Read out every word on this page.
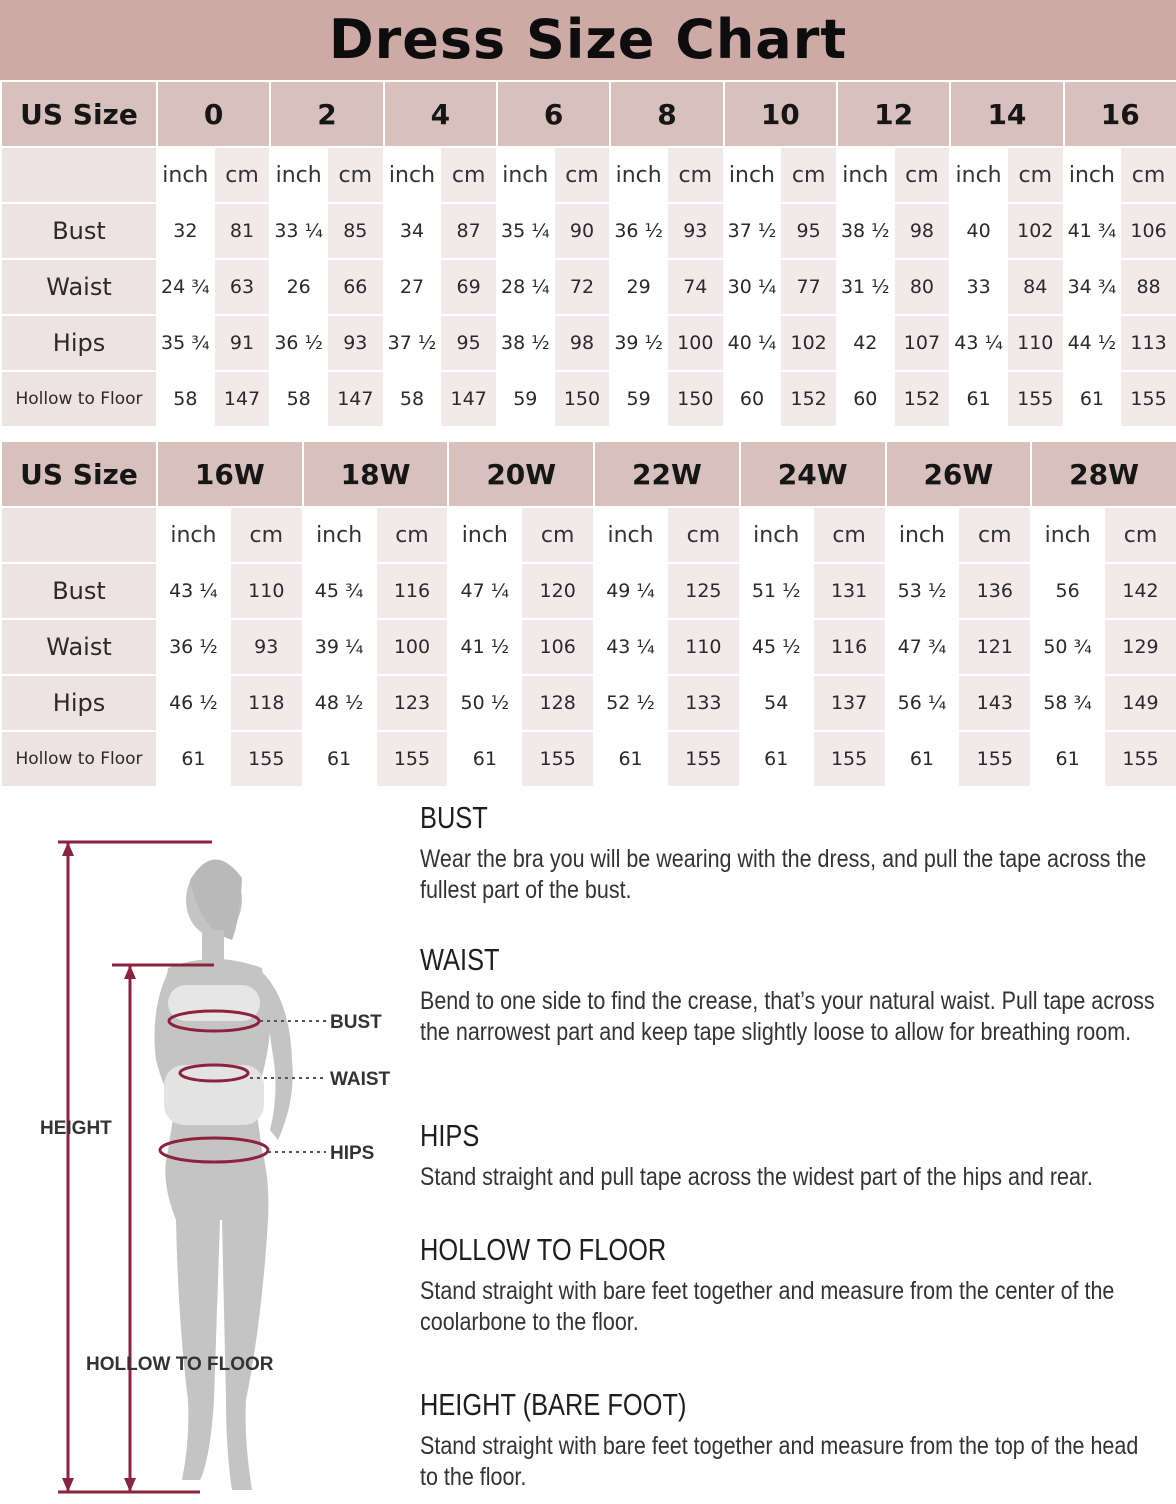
Dress Size Chart
US Size	0		2		4		6		8		10		12		14		16	
	inch	cm	inch	cm	inch	cm	inch	cm	inch	cm	inch	cm	inch	cm	inch	cm	inch	cm
Bust	32	81	33 ¼	85	34	87	35 ¼	90	36 ½	93	37 ½	95	38 ½	98	40	102	41 ¾	106
Waist	24 ¾	63	26	66	27	69	28 ¼	72	29	74	30 ¼	77	31 ½	80	33	84	34 ¾	88
Hips	35 ¾	91	36 ½	93	37 ½	95	38 ½	98	39 ½	100	40 ¼	102	42	107	43 ¼	110	44 ½	113
Hollow to Floor	58	147	58	147	58	147	59	150	59	150	60	152	60	152	61	155	61	155
US Size	16W		18W		20W		22W		24W		26W		28W	
	inch	cm	inch	cm	inch	cm	inch	cm	inch	cm	inch	cm	inch	cm
Bust	43 ¼	110	45 ¾	116	47 ¼	120	49 ¼	125	51 ½	131	53 ½	136	56	142
Waist	36 ½	93	39 ¼	100	41 ½	106	43 ¼	110	45 ½	116	47 ¾	121	50 ¾	129
Hips	46 ½	118	48 ½	123	50 ½	128	52 ½	133	54	137	56 ¼	143	58 ¾	149
Hollow to Floor	61	155	61	155	61	155	61	155	61	155	61	155	61	155
BUST
WAIST
HIPS
HEIGHT
HOLLOW TO FLOOR
BUST
Wear the bra you will be wearing with the dress, and pull the tape across the fullest part of the bust.
WAIST
Bend to one side to find the crease, that’s your natural waist. Pull tape across the narrowest part and keep tape slightly loose to allow for breathing room.
HIPS
Stand straight and pull tape across the widest part of the hips and rear.
HOLLOW TO FLOOR
Stand straight with bare feet together and measure from the center of the coolarbone to the floor.
HEIGHT (BARE FOOT)
Stand straight with bare feet together and measure from the top of the head to the floor.
